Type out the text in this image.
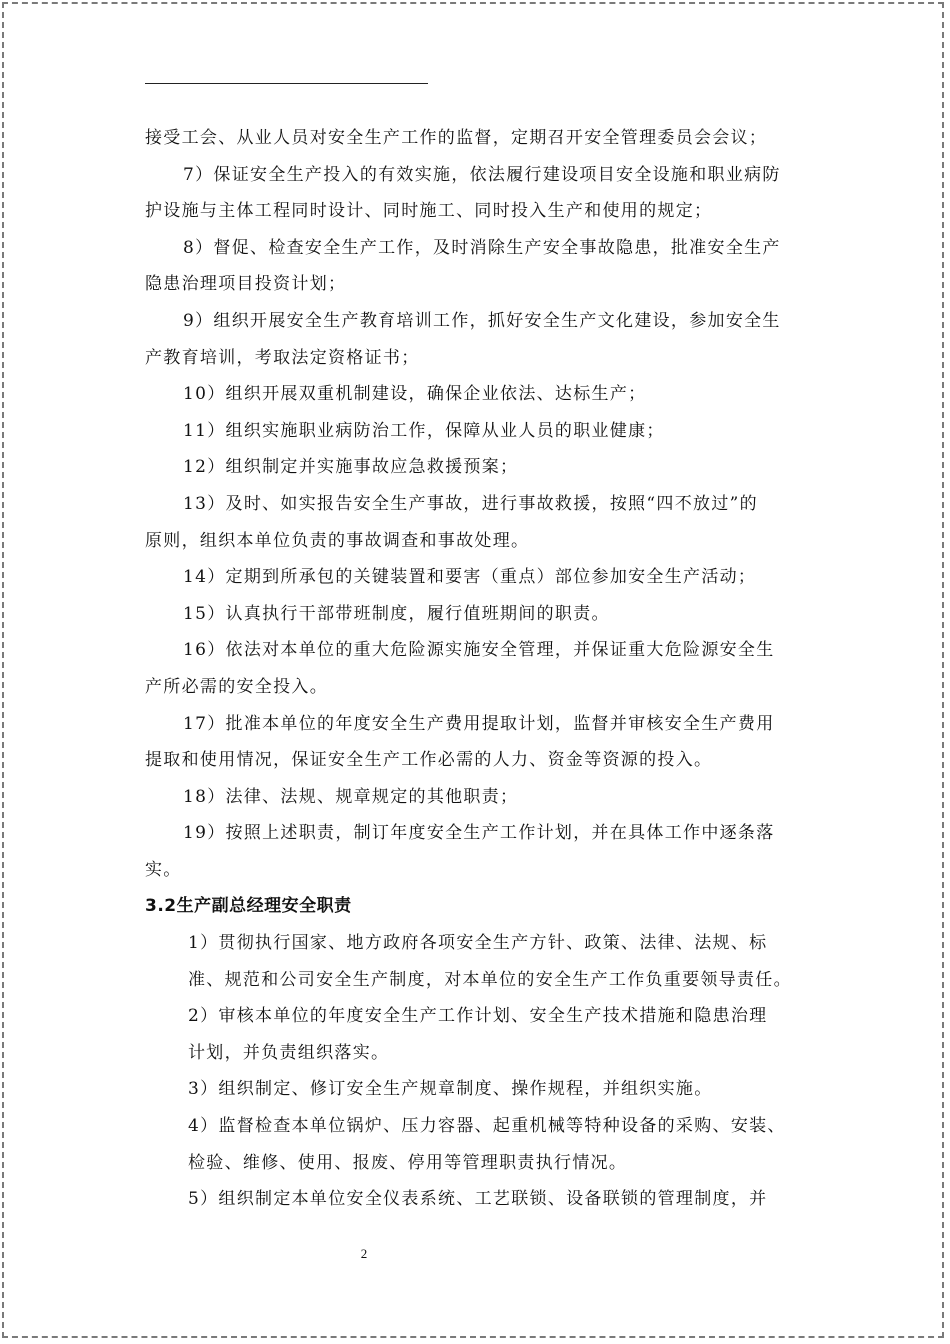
接受工会、从业人员对安全生产工作的监督，定期召开安全管理委员会会议；
7）保证安全生产投入的有效实施，依法履行建设项目安全设施和职业病防
护设施与主体工程同时设计、同时施工、同时投入生产和使用的规定；
8）督促、检查安全生产工作，及时消除生产安全事故隐患，批准安全生产
隐患治理项目投资计划；
9）组织开展安全生产教育培训工作，抓好安全生产文化建设，参加安全生
产教育培训，考取法定资格证书；
10）组织开展双重机制建设，确保企业依法、达标生产；
11）组织实施职业病防治工作，保障从业人员的职业健康；
12）组织制定并实施事故应急救援预案；
13）及时、如实报告安全生产事故，进行事故救援，按照“四不放过”的
原则，组织本单位负责的事故调查和事故处理。
14）定期到所承包的关键装置和要害（重点）部位参加安全生产活动；
15）认真执行干部带班制度，履行值班期间的职责。
16）依法对本单位的重大危险源实施安全管理，并保证重大危险源安全生
产所必需的安全投入。
17）批准本单位的年度安全生产费用提取计划，监督并审核安全生产费用
提取和使用情况，保证安全生产工作必需的人力、资金等资源的投入。
18）法律、法规、规章规定的其他职责；
19）按照上述职责，制订年度安全生产工作计划，并在具体工作中逐条落
实。
3.2生产副总经理安全职责
1）贯彻执行国家、地方政府各项安全生产方针、政策、法律、法规、标
准、规范和公司安全生产制度，对本单位的安全生产工作负重要领导责任。
2）审核本单位的年度安全生产工作计划、安全生产技术措施和隐患治理
计划，并负责组织落实。
3）组织制定、修订安全生产规章制度、操作规程，并组织实施。
4）监督检查本单位锅炉、压力容器、起重机械等特种设备的采购、安装、
检验、维修、使用、报废、停用等管理职责执行情况。
5）组织制定本单位安全仪表系统、工艺联锁、设备联锁的管理制度，并
2
